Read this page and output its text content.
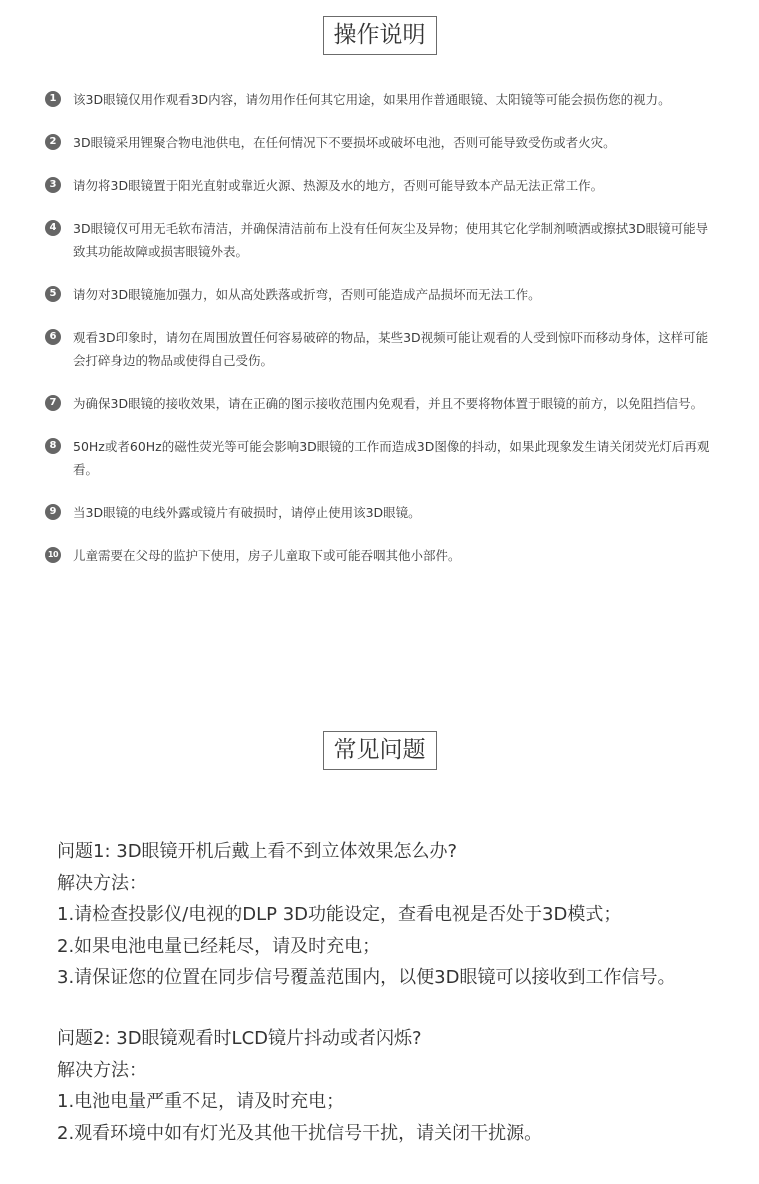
操作说明
1	该3D眼镜仅用作观看3D内容，请勿用作任何其它用途，如果用作普通眼镜、太阳镜等可能会损伤您的视力。
2	3D眼镜采用锂聚合物电池供电，在任何情况下不要损坏或破坏电池，否则可能导致受伤或者火灾。
3	请勿将3D眼镜置于阳光直射或靠近火源、热源及水的地方，否则可能导致本产品无法正常工作。
4	3D眼镜仅可用无毛软布清洁，并确保清洁前布上没有任何灰尘及异物；使用其它化学制剂喷洒或擦拭3D眼镜可能导致其功能故障或损害眼镜外表。
5	请勿对3D眼镜施加强力，如从高处跌落或折弯，否则可能造成产品损坏而无法工作。
6	观看3D印象时，请勿在周围放置任何容易破碎的物品，某些3D视频可能让观看的人受到惊吓而移动身体，这样可能会打碎身边的物品或使得自己受伤。
7	为确保3D眼镜的接收效果，请在正确的图示接收范围内免观看，并且不要将物体置于眼镜的前方，以免阻挡信号。
8	50Hz或者60Hz的磁性荧光等可能会影响3D眼镜的工作而造成3D图像的抖动，如果此现象发生请关闭荧光灯后再观看。
9	当3D眼镜的电线外露或镜片有破损时，请停止使用该3D眼镜。
10 儿童需要在父母的监护下使用，房子儿童取下或可能吞咽其他小部件。
常见问题
问题1: 3D眼镜开机后戴上看不到立体效果怎么办?
解决方法：
1.请检查投影仪/电视的DLP 3D功能设定，查看电视是否处于3D模式；
2.如果电池电量已经耗尽，请及时充电；
3.请保证您的位置在同步信号覆盖范围内，以便3D眼镜可以接收到工作信号。
问题2: 3D眼镜观看时LCD镜片抖动或者闪烁?
解决方法：
1.电池电量严重不足，请及时充电；
2.观看环境中如有灯光及其他干扰信号干扰，请关闭干扰源。
